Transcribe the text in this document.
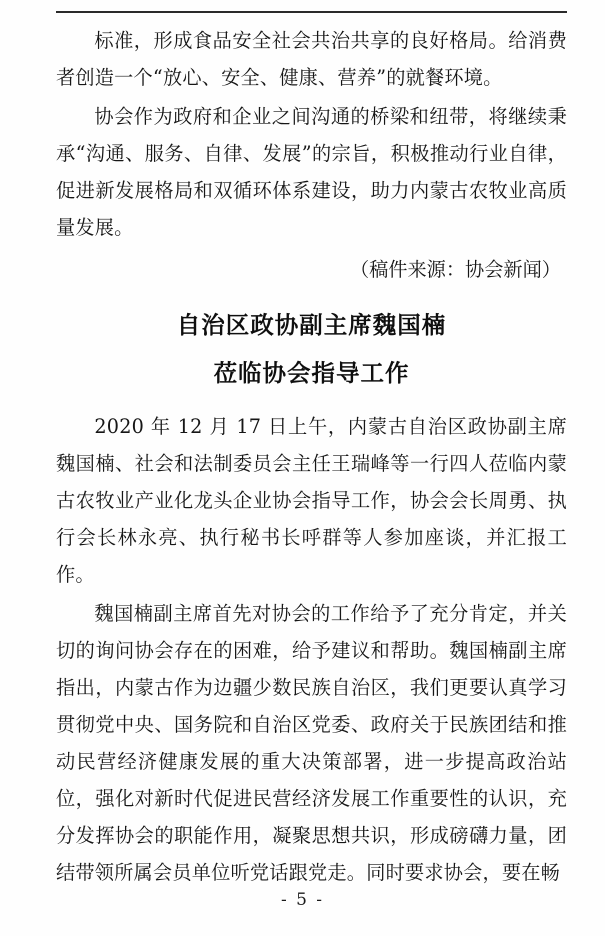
标准，形成食品安全社会共治共享的良好格局。给消费者创造一个“放心、安全、健康、营养”的就餐环境。

协会作为政府和企业之间沟通的桥梁和纽带，将继续秉承“沟通、服务、自律、发展”的宗旨，积极推动行业自律，促进新发展格局和双循环体系建设，助力内蒙古农牧业高质量发展。

（稿件来源：协会新闻）

自治区政协副主席魏国楠
莅临协会指导工作

2020 年 12 月 17 日上午，内蒙古自治区政协副主席魏国楠、社会和法制委员会主任王瑞峰等一行四人莅临内蒙古农牧业产业化龙头企业协会指导工作，协会会长周勇、执行会长林永亮、执行秘书长呼群等人参加座谈，并汇报工作。

魏国楠副主席首先对协会的工作给予了充分肯定，并关切的询问协会存在的困难，给予建议和帮助。魏国楠副主席指出，内蒙古作为边疆少数民族自治区，我们更要认真学习贯彻党中央、国务院和自治区党委、政府关于民族团结和推动民营经济健康发展的重大决策部署，进一步提高政治站位，强化对新时代促进民营经济发展工作重要性的认识，充分发挥协会的职能作用，凝聚思想共识，形成磅礴力量，团结带领所属会员单位听党话跟党走。同时要求协会，要在畅

- 5 -
